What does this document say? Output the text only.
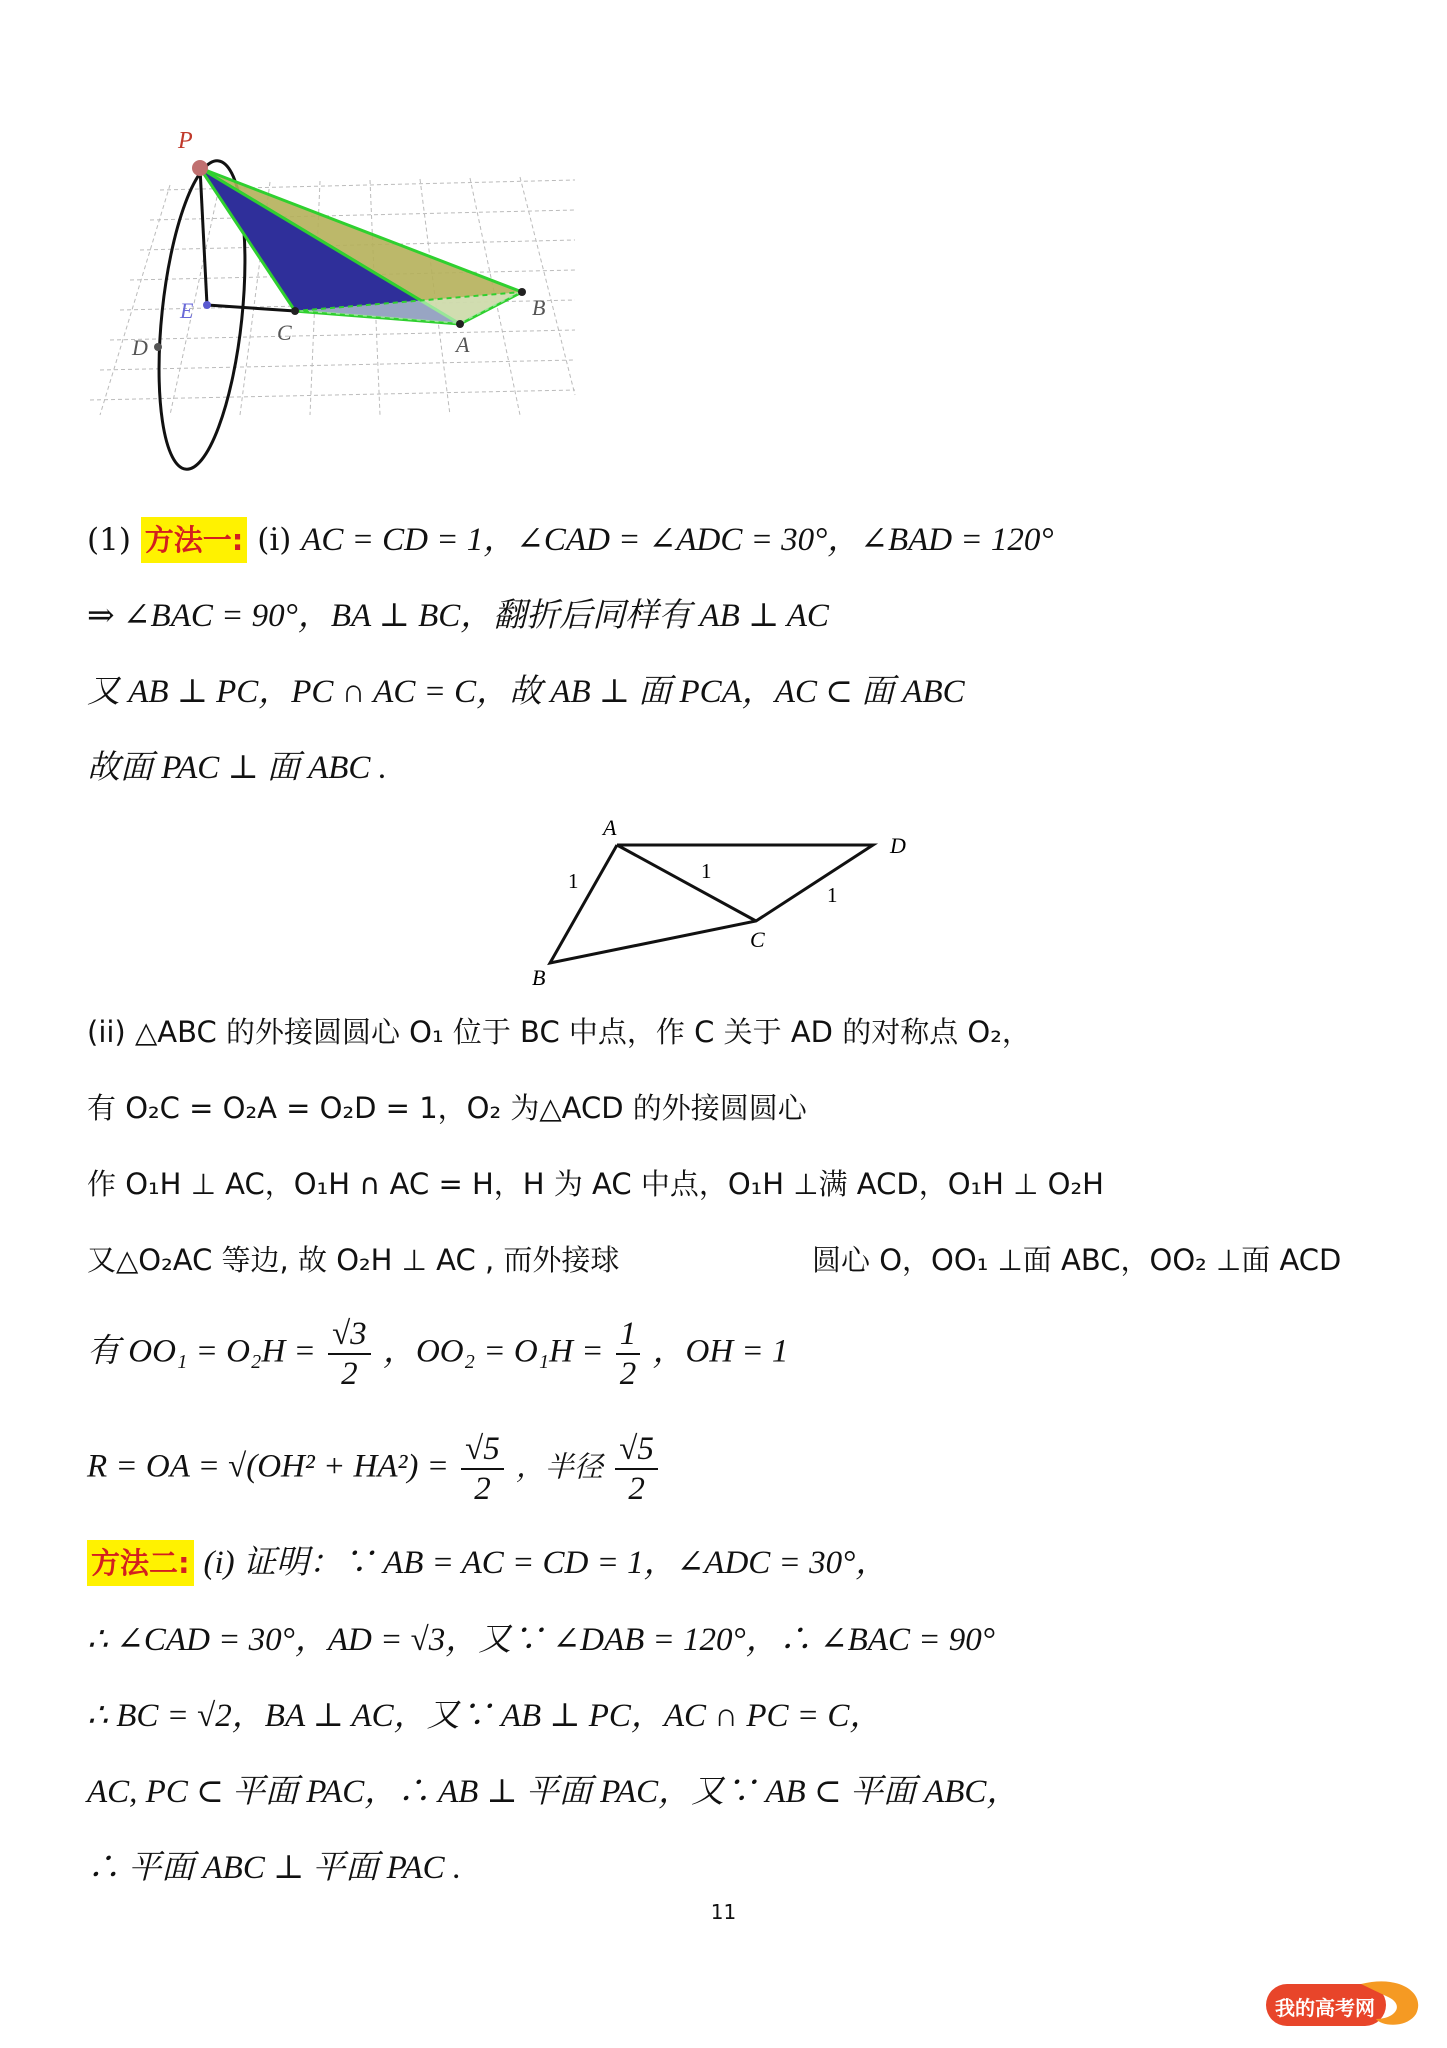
P
E
D
C	A
B
(1) 方法一: (i) AC = CD = 1，∠CAD = ∠ADC = 30°，∠BAD = 120°
⇒ ∠BAC = 90°，BA ⊥ BC，翻折后同样有 AB ⊥ AC
又 AB ⊥ PC，PC ∩ AC = C，故 AB ⊥ 面 PCA，AC ⊂ 面 ABC
故面 PAC ⊥ 面 ABC .
A
D
B
C
1	1
1
(ii) △ABC 的外接圆圆心 O₁ 位于 BC 中点，作 C 关于 AD 的对称点 O₂，
有 O₂C = O₂A = O₂D = 1，O₂ 为△ACD 的外接圆圆心
作 O₁H ⊥ AC，O₁H ∩ AC = H，H 为 AC 中点，O₁H ⊥满 ACD，O₁H ⊥ O₂H
又△O₂AC 等边, 故 O₂H ⊥ AC , 而外接球	圆心 O，OO₁ ⊥面 ABC，OO₂ ⊥面 ACD
有 $OO_1 = O_2H = \frac{√3}{2}$ ，$OO_2 = O_1H = \frac{1}{2}$ ，OH = 1
R = OA = $√(OH^2 + HA^2) = \frac{√5}{2}$ ，半径 $\frac{√5}{2}$
方法二: (i) 证明：∵ AB = AC = CD = 1，∠ADC = 30°，
∴ ∠CAD = 30°，AD = √3，又∵ ∠DAB = 120°，∴ ∠BAC = 90°
∴ BC = √2，BA ⊥ AC，又∵ AB ⊥ PC，AC ∩ PC = C，
AC, PC ⊂ 平面 PAC，∴ AB ⊥ 平面 PAC，又∵ AB ⊂ 平面 ABC，
∴ 平面 ABC ⊥ 平面 PAC .
11
我的高考网
